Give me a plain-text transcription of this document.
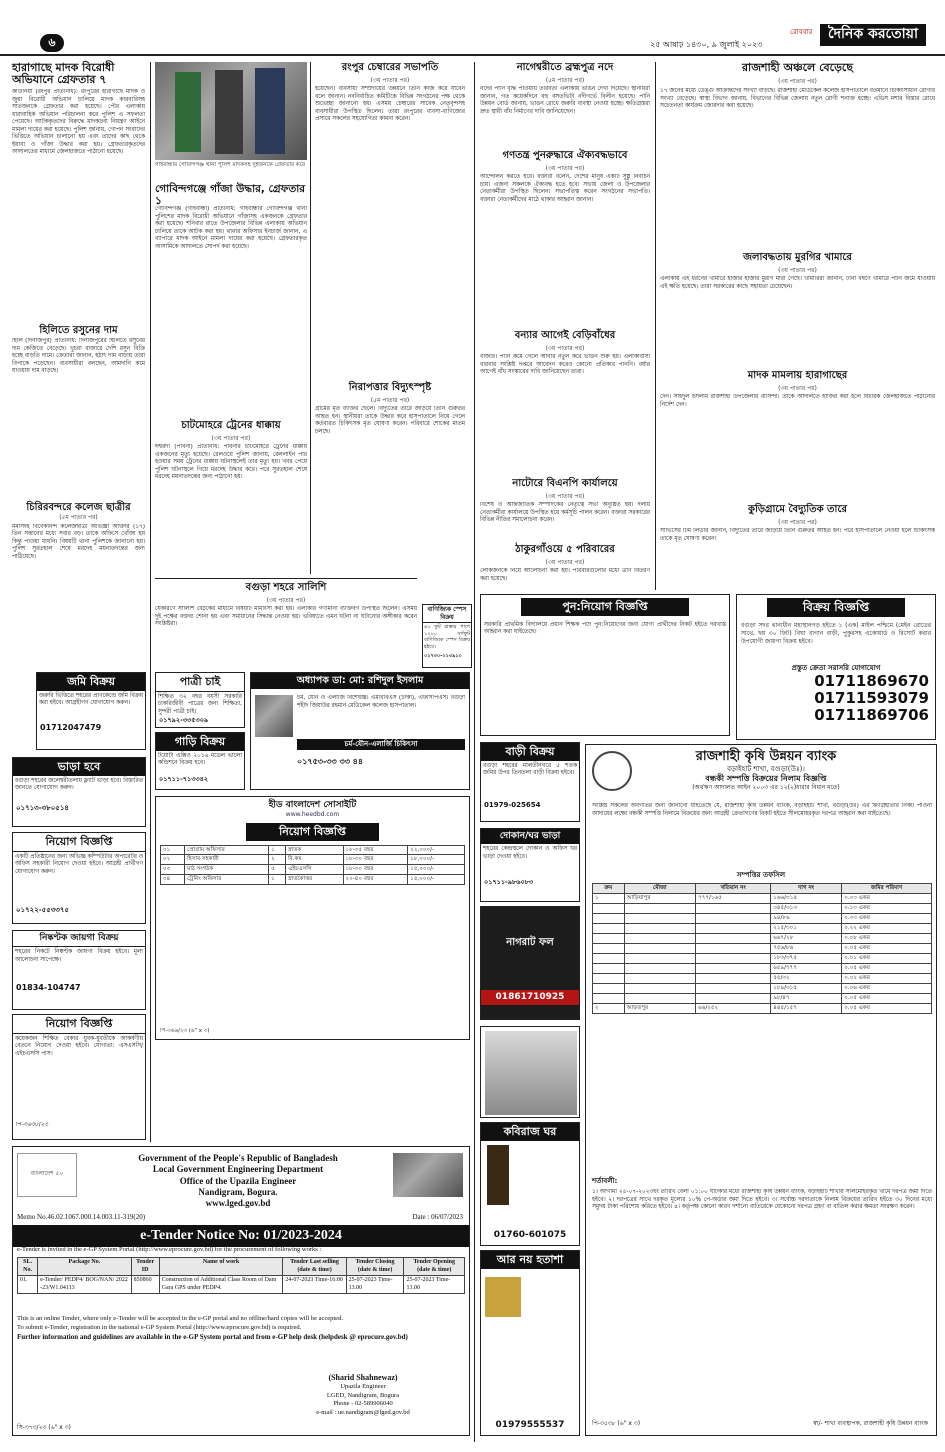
৬	২৫ আষাঢ় ১৪৩০, ৯ জুলাই ২০২৩
রোববার	দৈনিক করতোয়া
হারাগাছে মাদক বিরোধী অভিযানে গ্রেফতার ৭
কাউনিয়া (রংপুর প্রতিনিধি): রংপুরের হারাগাছে মাদক ও জুয়া বিরোধী অভিযান চালিয়ে মাদক কারবারিসহ সাতজনকে গ্রেফতার করা হয়েছে। পৌর এলাকায় ধারাবাহিক অভিযান পরিচালনা করে পুলিশ এ সফলতা পেয়েছে। আটককৃতদের বিরুদ্ধে মাদকদ্রব্য নিয়ন্ত্রণ আইনে মামলা দায়ের করা হয়েছে। পুলিশ জানায়, গোপন সংবাদের ভিত্তিতে অভিযান চালানো হয় এবং তাদের কাছ থেকে ইয়াবা ও গাঁজা উদ্ধার করা হয়। গ্রেফতারকৃতদের আদালতের মাধ্যমে জেলহাজতে পাঠানো হয়েছে।
হিলিতে রসুনের দাম
হিলি (দিনাজপুর) প্রতিনিধি: দিনাজপুরের হিলিতে রসুনের দাম কেজিতে বেড়েছে। খুচরা বাজারে দেশি রসুন বিক্রি হচ্ছে বাড়তি দামে। ক্রেতারা জানান, হঠাৎ দাম বাড়ায় তারা বিপাকে পড়েছেন। ব্যবসায়ীরা বলছেন, আমদানি কমে যাওয়ায় দাম বাড়ছে।
চিরিরবন্দরে কলেজ ছাত্রীর
(৫ম পাতার পর)
মমসিংহ বিবেকানন্দ কলেজছাত্রী অভিজ্ঞা আক্তার (১৭) তিন সন্তানের মধ্যে সবার বড়। তাকে অফিসে খোঁজা হয় কিন্তু পাওয়া যায়নি। বিষয়টি থানা পুলিশকে জানানো হয়। পুলিশ সুরতহাল শেষে মরদেহ ময়নাতদন্তের জন্য পাঠিয়েছে।
জমি বিক্রয়
জরুরি ভিত্তিতে শহরের প্রাণকেন্দ্রে জমি বিক্রয় করা হইবে। আগ্রহীগণ যোগাযোগ করুন।
01712047479
ভাড়া হবে
বগুড়া শহরের জলেশ্বরীতলায় ফ্ল্যাট ভাড়া হবে। বিস্তারিত জানতে যোগাযোগ করুন।
০১৭১৩-৩৮০৫১৪
নিয়োগ বিজ্ঞপ্তি
একটি প্রতিষ্ঠানের জন্য অভিজ্ঞ কম্পিউটার অপারেটর ও অফিস সহকারী নিয়োগ দেওয়া হইবে। আগ্রহী প্রার্থীগণ যোগাযোগ করুন।
০১৭২২-৫৫৩৩৭৫
নিষ্কণ্টক জায়গা বিক্রয়
শহরের নিকটে নিষ্কণ্টক জায়গা বিক্রয় হইবে। মূল্য আলোচনা সাপেক্ষে।
01834-104747
নিয়োগ বিজ্ঞপ্তি
কয়েকজন শিক্ষিত বেকার যুবক-যুবতীকে আকর্ষণীয় বেতনে নিয়োগ দেওয়া হইবে। যোগ্যতা: এসএসসি/এইচএসসি পাস।
পি-৩৬৩৮/২৩
গাইবান্ধার গোবিন্দগঞ্জ থানা পুলিশ মাদকসহ দুইজনকে গ্রেফতার করে
গোবিন্দগঞ্জে গাঁজা উদ্ধার, গ্রেফতার ১
গোবিন্দগঞ্জ (গাইবান্ধা) প্রতিনিধি: গাইবান্ধার গোবিন্দগঞ্জ থানা পুলিশের মাদক বিরোধী অভিযানে গাঁজাসহ একজনকে গ্রেফতার করা হয়েছে। শনিবার রাতে উপজেলার বিভিন্ন এলাকায় অভিযান চালিয়ে তাকে আটক করা হয়। থানার অফিসার ইনচার্জ জানান, এ ব্যাপারে মাদক আইনে মামলা দায়ের করা হয়েছে। গ্রেফতারকৃত আসামিকে আদালতে সোপর্দ করা হয়েছে।
চাটমোহরে ট্রেনের ধাক্কায়
(৩য় পাতার পর)
ঈশ্বরদী (পাবনা) প্রতিনিধি: পাবনার চাটমোহরে ট্রেনের ধাক্কায় একজনের মৃত্যু হয়েছে। রেলওয়ে পুলিশ জানায়, রেললাইন পার হওয়ার সময় ট্রেনের ধাক্কায় ঘটনাস্থলেই তার মৃত্যু হয়। খবর পেয়ে পুলিশ ঘটনাস্থলে গিয়ে মরদেহ উদ্ধার করে। পরে সুরতহাল শেষে মরদেহ ময়নাতদন্তের জন্য পাঠানো হয়।
বগুড়া শহরে সালিশি
(৩য় পাতার পর)
যেকারণে সালিশি বৈঠকের মাধ্যমে বিষয়টি মীমাংসা করা হয়। এলাকার গণ্যমান্য ব্যক্তিবর্গ উপস্থিত ছিলেন। এসময় দুই পক্ষের বক্তব্য শোনা হয় এবং সমাধানের সিদ্ধান্ত নেওয়া হয়। ভবিষ্যতে এমন ঘটনা না ঘটানোর অঙ্গীকার করেন সংশ্লিষ্টরা।
পাত্রী চাই
শিক্ষিত ৩২ বছর বয়সী সরকারি চাকরিজীবী পাত্রের জন্য শিক্ষিতা, সুন্দরী পাত্রী চাই।
০১৭৯২-৩৩৫৩০৯
গাড়ি বিক্রয়
টয়োটা এক্সিও ২০১৬ মডেল ভালো কন্ডিশনে বিক্রয় হবে।
০১৭১১-৭১৩৩৪২
অধ্যাপক ডা: মো: রশিদুল ইসলাম
চর্ম, যৌন ও এলার্জি বিশেষজ্ঞ। এমবিবিএস (ঢাকা), এফসিপিএস। বগুড়া শহীদ জিয়াউর রহমান মেডিকেল কলেজ হাসপাতাল।
চর্ম-যৌন-এলার্জি চিকিৎসা
০১৭৫৩-৩৩ ৩৩ ৪৪
রংপুর চেম্বারের সভাপতি
(৩য় পাতার পর)
হয়েছেন। ব্যবসায়ী সম্প্রদায়ের উন্নয়নে তিনি কাজ করে যাবেন বলে জানান। নবনির্বাচিত কমিটিকে বিভিন্ন সংগঠনের পক্ষ থেকে শুভেচ্ছা জানানো হয়। এসময় চেম্বারের সাবেক নেতৃবৃন্দসহ ব্যবসায়ীরা উপস্থিত ছিলেন। তারা রংপুরের ব্যবসা-বাণিজ্যের প্রসারে সকলের সহযোগিতা কামনা করেন।
নিরাপত্তার বিদ্যুৎস্পৃষ্ট
(৫ম পাতার পর)
গ্রামের মৃত ব্যক্তির ছেলে। বিদ্যুতের তারে জড়িয়ে তিনি গুরুতর আহত হন। স্থানীয়রা তাকে উদ্ধার করে হাসপাতালে নিয়ে গেলে কর্তব্যরত চিকিৎসক মৃত ঘোষণা করেন। পরিবারে শোকের মাতম চলছে।
বাণিজ্যিক স্পেস বিক্রয়
৪০ ফুট রাস্তার পাশে ১২০০ বর্গফুট বাণিজ্যিক স্পেস বিক্রয় হইবে।
০১৭৩০-০১৩৯১০
হীড বাংলাদেশ সোসাইটি
www.heedbd.com
নিয়োগ বিজ্ঞপ্তি
০১	প্রোগ্রাম অফিসার	১	স্নাতক	১৮-৩৫ বছর	২২,০০০/-
০২	হিসাব সহকারী	২	বি.কম	১৮-৩০ বছর	১৮,০০০/-
০৩	মাঠ সংগঠক	৫	এইচএসসি	১৮-৩০ বছর	১৫,০০০/-
০৪	ট্রেনিং অফিসার	১	স্নাতকোত্তর	২০-৪০ বছর	১৫,০০০/-
পি-৩৬৬/২৩ (৬" x ৩)
বাংলাদেশ ৫০
Government of the People's Republic of Bangladesh
Local Government Engineering Department
Office of the Upazila Engineer
Nandigram, Bogura.
www.lged.gov.bd
Memo No.46.02.1067.000.14.003.11-319(20)	Date : 06/07/2023
e-Tender Notice No: 01/2023-2024
e-Tender is invited in the e-GP System Portal (http://www.eprocure.gov.bd) for the procurement of following works :
SL. No.	Package No.	Tender ID	Name of work	Tender Last selling (date & time)	Tender Closing (date & time)	Tender Opening (date & time)
01.	e-Tender/ PEDP4/ BOG/NAN/ 2022 -23/W1.04113	850860	Construction of Additional Class Room of Dam Gara GPS under PEDP4.	24-07-2023 Time-16:00	25-07-2023 Time-13.00	25-07-2023 Time-13.00
This is an online Tender, where only e-Tender will be accepted in the e-GP portal and no offline/hard copies will be accepted.
To submit e-Tender, registration in the national e-GP System Portal (http://www.eprocure.gov.bd) is required.
Further information and guidelines are available in the e-GP System portal and from e-GP help desk (helpdesk @ eprocure.gov.bd)
(Sharid Shahnewaz)
Upazila Engineer
LGED, Nandigram, Bogura
Phone - 02-589906040
e-mail : ue.nandigram@lged.gov.bd
সি-৩৭৩/২৩ (৬" x ৩)
নাগেশ্বরীতে ব্রহ্মপুত্র নদে
(৫ম পাতার পর)
নদের পানি বৃদ্ধি পাওয়ায় তীরবর্তী এলাকায় ভাঙন দেখা দিয়েছে। স্থানীয়রা জানান, গত কয়েকদিনে বহু বসতভিটা নদীগর্ভে বিলীন হয়েছে। পানি উন্নয়ন বোর্ড জানায়, ভাঙন রোধে জরুরি ব্যবস্থা নেওয়া হচ্ছে। ক্ষতিগ্রস্তরা দ্রুত স্থায়ী বাঁধ নির্মাণের দাবি জানিয়েছেন।
গণতন্ত্র পুনরুদ্ধারে ঐক্যবদ্ধভাবে
(৩য় পাতার পর)
আন্দোলন করতে হবে। বক্তারা বলেন, দেশের মানুষ একটি সুষ্ঠু নির্বাচন চায়। এজন্য সকলকে ঐক্যবদ্ধ হতে হবে। সভায় জেলা ও উপজেলার নেতাকর্মীরা উপস্থিত ছিলেন। সভাপতিত্ব করেন সংগঠনের সভাপতি। বক্তারা নেতাকর্মীদের মাঠে থাকার আহ্বান জানান।
বন্যার আগেই বেড়িবাঁধের
(৩য় পাতার পর)
বাজার। পানি কমে গেলে আবার নতুন করে ভাঙন শুরু হয়। এলাকাবাসী বারবার সংশ্লিষ্ট দপ্তরে আবেদন করেও কোনো প্রতিকার পাননি। বর্ষার আগেই বাঁধ সংস্কারের দাবি জানিয়েছেন তারা।
নাটোরে বিএনপি কার্যালয়ে
(৩য় পাতার পর)
বিশেষ ও আন্তর্জাতিক সম্পাদকের নেতৃত্বে সভা অনুষ্ঠিত হয়। দলীয় নেতাকর্মীরা কার্যালয়ে উপস্থিত হয়ে কর্মসূচি পালন করেন। বক্তারা সরকারের বিভিন্ন নীতির সমালোচনা করেন।
ঠাকুরগাঁওয়ে ৫ পরিবারের
(৩য় পাতার পর)
লোকজনকে নিয়ে আলোচনা করা হয়। পরিবারগুলোর মধ্যে ত্রাণ বিতরণ করা হয়েছে।
পুন:নিয়োগ বিজ্ঞপ্তি
সরকারি প্রাথমিক বিদ্যালয়ে প্রধান শিক্ষক পদে পুন:নিয়োগের জন্য যোগ্য প্রার্থীদের নিকট হইতে দরখাস্ত আহ্বান করা যাইতেছে।
বাড়ী বিক্রয়
বগুড়া শহরের মালতীনগরে ৫ শতক জমির উপর তিনতলা বাড়ী বিক্রয় হইবে।
01979-025654
দোকান/ঘর ভাড়া
শহরের কেন্দ্রস্থলে দোকান ও অফিস ঘর ভাড়া দেওয়া হইবে।
০১৭১১-৯৮৬০৮৩
নাগরাট ফল
01861710925
কবিরাজ ঘর
01760-601075
আর নয় হতাশা
01979555537
রাজশাহী অঞ্চলে বেড়েছে
(৩য় পাতার পর)
১৭ জনের মধ্যে ডেঙ্গু আক্রান্তদের সংখ্যা বাড়ছে। রাজশাহী মেডিকেল কলেজ হাসপাতালে বর্তমানে চিকিৎসাধীন রোগীর সংখ্যা বেড়েছে। স্বাস্থ্য বিভাগ জানায়, বিভাগের বিভিন্ন জেলায় নতুন রোগী শনাক্ত হচ্ছে। এডিস মশার বিস্তার রোধে সচেতনতা কার্যক্রম জোরদার করা হয়েছে।
জলাবদ্ধতায় মুরগির খামারে
(৩য় পাতার পর)
এলাকায় এই ধরনের খামারে হাজার হাজার মুরগি মারা গেছে। খামারিরা জানান, টানা বর্ষণে খামারে পানি জমে যাওয়ায় এই ক্ষতি হয়েছে। তারা সরকারের কাছে সহায়তা চেয়েছেন।
মাদক মামলায় হারাগাছের
(৩য় পাতার পর)
দেন। সাইদুল ইসলাম রাজশাহী উপজেলার বাসিন্দা। তাকে আদালতে হাজির করা হলে বিচারক জেলহাজতে পাঠানোর নির্দেশ দেন।
কুড়িগ্রামে বৈদ্যুতিক তারে
(৩য় পাতার পর)
সার্ভিসের টিম লিডার জানান, বিদ্যুতের তারে জড়িয়ে তিনি গুরুতর আহত হন। পরে হাসপাতালে নেওয়া হলে চিকিৎসক তাকে মৃত ঘোষণা করেন।
বিক্রয় বিজ্ঞপ্তি
বগুড়া সদর থানাধীন মহাস্থানগড় হইতে ১ (এক) মাইল পশ্চিমে (মেইন রোডের সাথে, ছয় ৩০ ফিট) বিঘা বাগান বাড়ী, পুকুরসহ একোয়ার্ড ও রিসোর্ট করার উপযোগী জায়গা বিক্রয় হইবে।
প্রস্তুত ক্রেতা সরাসরি যোগাযোগ
01711869670
01711593079
01711869706
রাজশাহী কৃষি উন্নয়ন ব্যাংক
বড়াইহাট শাখা, বগুড়া(উঃ)।
বন্ধকী সম্পত্তি বিক্রয়ের নিলাম বিজ্ঞপ্তি
(অর্থঋণ আদালত আইন ২০০৩ এর ১২(২)ধারার বিধান মতে)
সংশ্লিষ্ট সকলের অবগতির জন্য জানানো যাইতেছে যে, রাজশাহী কৃষি উন্নয়ন ব্যাংক, বড়াইহাট শাখা, বগুড়া(উঃ) এর ঋণগ্রহীতার নিকট পাওনা আদায়ের লক্ষ্যে বন্ধকী সম্পত্তি নিলামে বিক্রয়ের জন্য আগ্রহী ক্রেতাগণের নিকট হইতে সীলমোহরকৃত দরপত্র আহ্বান করা যাইতেছে।
সম্পত্তির তফসিল
ক্রম	মৌজা	খতিয়ান নং	দাগ নং	জমির পরিমাণ
১	আড়িয়াপুর	৭৭৭/১৬৫	১৬৬/৩১৫	০.০৩ একর
			৩৪৫/৩১৩	০.১৩ একর
			৯৪/৮৬	০.০৩ একর
			২১৫/৩০১	০.২২ একর
			৬৬৭/২৮	০.০৮ একর
			৭৫৬/৮৬	০.০৫ একর
			১৮৩/৩৭৫	০.০১ একর
			৬৫৯/৭৭৭	০.০৫ একর
			৫৫/৩২	০.০২ একর
			১৮৯/৩১৫	০.০৬ একর
			৯৮/৪৭	০.০৫ একর
২	আড়তপুর	৬৬/২৫২	৪৪৫/১৫৭	০.০৫ একর
শর্তাবলী:
১। আগামী ২৫-০৭-২০২৩ইং তারিখ বেলা ০১:০০ ঘটিকার মধ্যে রাজশাহী কৃষি উন্নয়ন ব্যাংক, বড়াইহাট শাখায় সীলমোহরকৃত খামে দরপত্র জমা দিতে হইবে। ২। দরপত্রের সাথে দরকৃত মূল্যের ১০% পে-অর্ডার জমা দিতে হইবে। ৩। সর্বোচ্চ দরদাতাকে নিলাম বিক্রয়ের তারিখ হইতে ৩০ দিনের মধ্যে সমুদয় টাকা পরিশোধ করিতে হইবে। ৪। কর্তৃপক্ষ কোনো কারণ দর্শানো ব্যতিরেকে যেকোনো দরপত্র গ্রহণ বা বাতিল করার ক্ষমতা সংরক্ষণ করেন।
স্বা/- শাখা ব্যবস্থাপক, রাজশাহী কৃষি উন্নয়ন ব্যাংক
পি-৩৫৩৮ (৬" x ৩)
